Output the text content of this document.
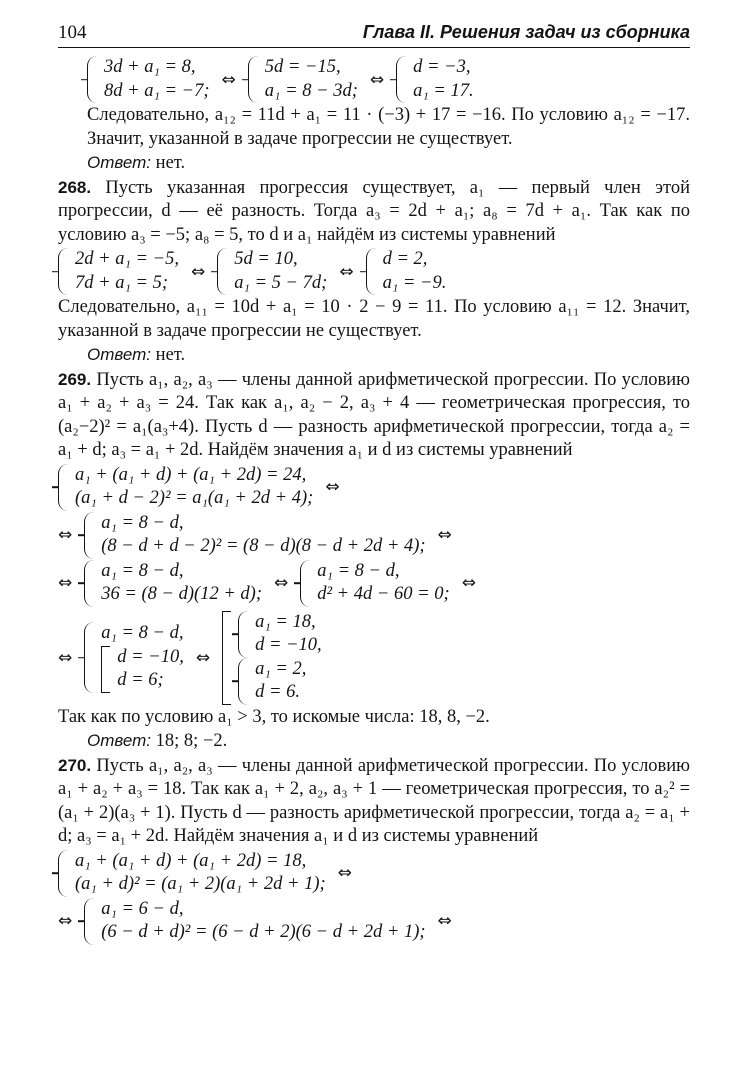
104	Глава II. Решения задач из сборника
3d + a₁ = 8,
8d + a₁ = −7;
⇔
5d = −15,
a₁ = 8 − 3d;
⇔
d = −3,
a₁ = 17.

Следовательно, a₁₂ = 11d + a₁ = 11 · (−3) + 17 = −16. По условию a₁₂ = −17. Значит, указанной в задаче прогрессии не существует.

Ответ: нет.

268. Пусть указанная прогрессия существует, a₁ — первый член этой прогрессии, d — её разность. Тогда a₃ = 2d + a₁; a₈ = 7d + a₁. Так как по условию a₃ = −5; a₈ = 5, то d и a₁ найдём из системы уравнений

2d + a₁ = −5,
7d + a₁ = 5;
⇔
5d = 10,
a₁ = 5 − 7d;
⇔
d = 2,
a₁ = −9.

Следовательно, a₁₁ = 10d + a₁ = 10 · 2 − 9 = 11. По условию a₁₁ = 12. Значит, указанной в задаче прогрессии не существует.

Ответ: нет.

269. Пусть a₁, a₂, a₃ — члены данной арифметической прогрессии. По условию a₁ + a₂ + a₃ = 24. Так как a₁, a₂ − 2, a₃ + 4 — геометрическая прогрессия, то (a₂−2)² = a₁(a₃+4). Пусть d — разность арифметической прогрессии, тогда a₂ = a₁ + d; a₃ = a₁ + 2d. Найдём значения a₁ и d из системы уравнений

a₁ + (a₁ + d) + (a₁ + 2d) = 24,
(a₁ + d − 2)² = a₁(a₁ + 2d + 4);
⇔
⇔
a₁ = 8 − d,
(8 − d + d − 2)² = (8 − d)(8 − d + 2d + 4);
⇔
⇔
a₁ = 8 − d,
36 = (8 − d)(12 + d);
⇔
a₁ = 8 − d,
d² + 4d − 60 = 0;
⇔
⇔
a₁ = 8 − d,
d = −10,
d = 6;
⇔
a₁ = 18,
d = −10,
a₁ = 2,
d = 6.

Так как по условию a₁ > 3, то искомые числа: 18, 8, −2.

Ответ: 18; 8; −2.

270. Пусть a₁, a₂, a₃ — члены данной арифметической прогрессии. По условию a₁ + a₂ + a₃ = 18. Так как a₁ + 2, a₂, a₃ + 1 — геометрическая прогрессия, то a₂² = (a₁ + 2)(a₃ + 1). Пусть d — разность арифметической прогрессии, тогда a₂ = a₁ + d; a₃ = a₁ + 2d. Найдём значения a₁ и d из системы уравнений

a₁ + (a₁ + d) + (a₁ + 2d) = 18,
(a₁ + d)² = (a₁ + 2)(a₁ + 2d + 1);
⇔
⇔
a₁ = 6 − d,
(6 − d + d)² = (6 − d + 2)(6 − d + 2d + 1);
⇔
